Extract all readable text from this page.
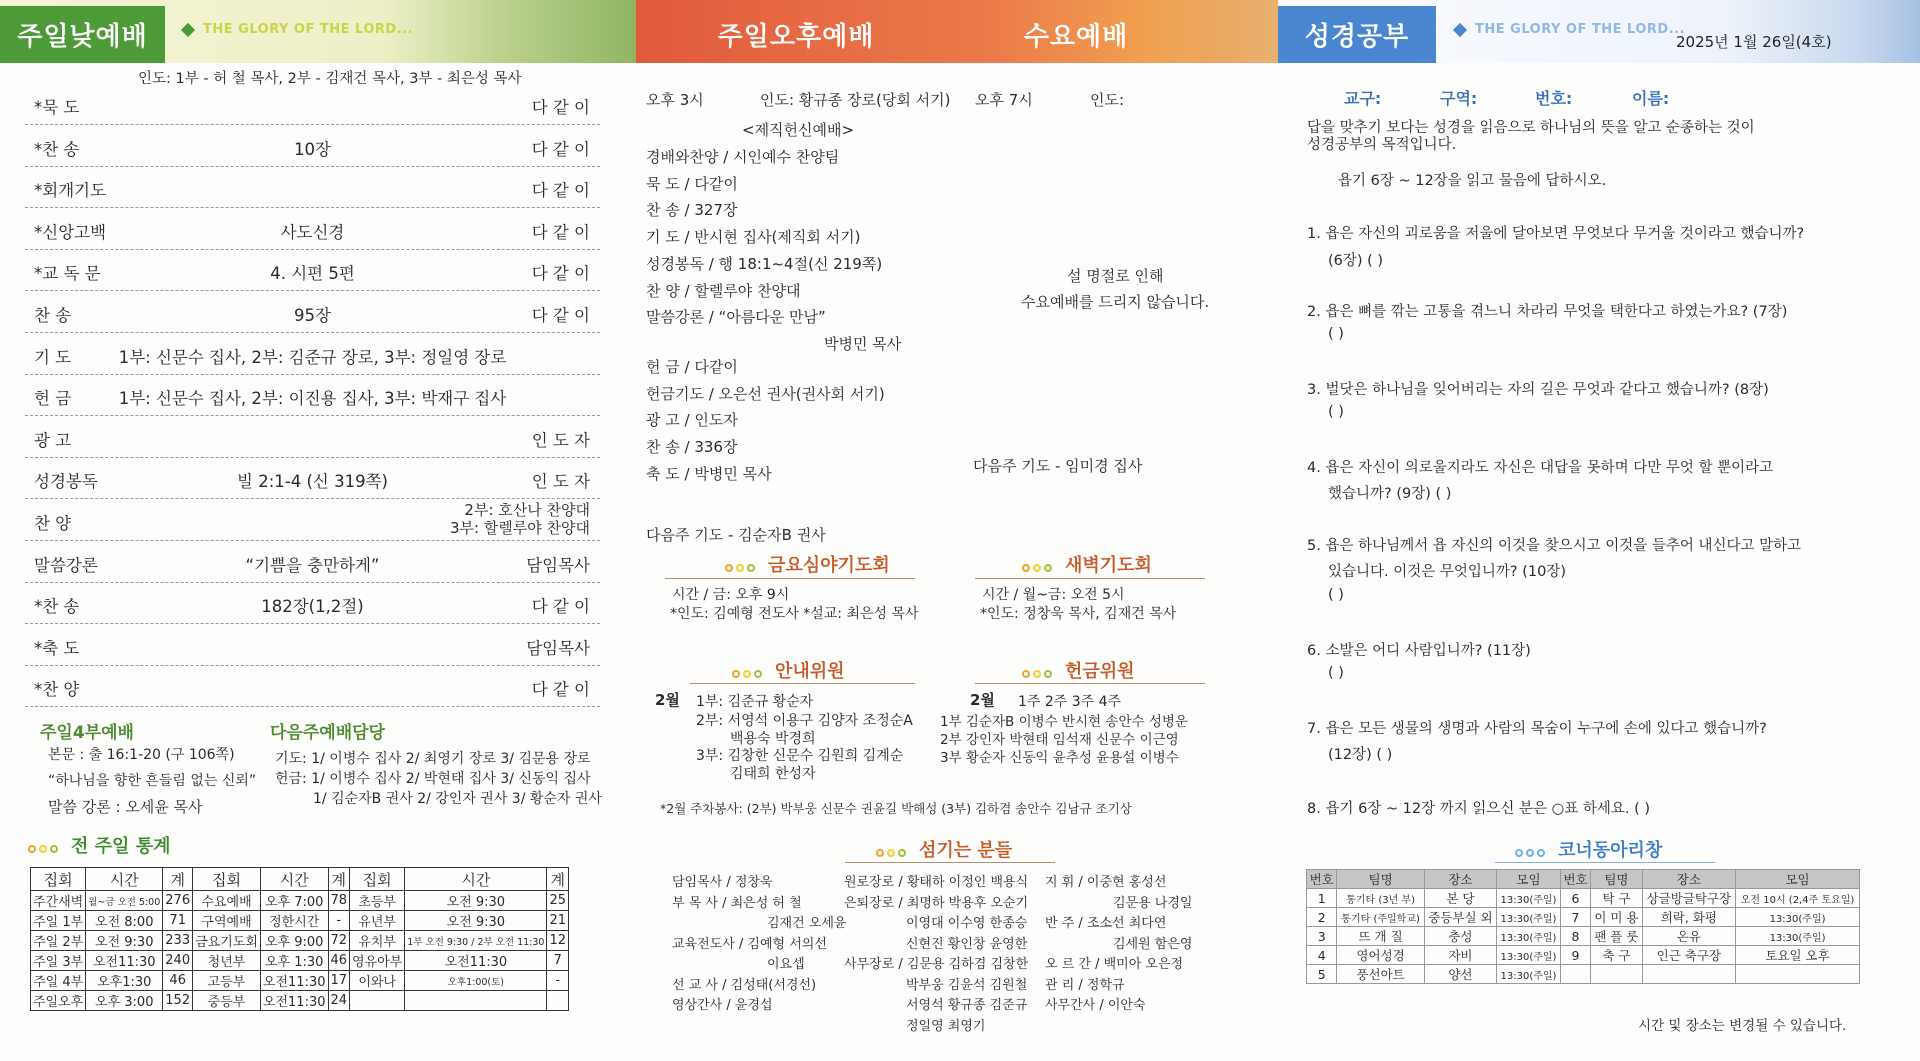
주일낮예배	THE GLORY OF THE LORD...	주일오후예배	수요예배	성경공부	THE GLORY OF THE LORD...
2025년 1월 26일(4호)
인도: 1부 - 허 철 목사, 2부 - 김재건 목사, 3부 - 최은성 목사
*묵 도	다 같 이
*찬 송	10장	다 같 이
*회개기도	다 같 이
*신앙고백	사도신경	다 같 이
*교 독 문	4. 시편 5편	다 같 이
찬 송	95장	다 같 이
기 도	1부: 신문수 집사, 2부: 김준규 장로, 3부: 정일영 장로
헌 금	1부: 신문수 집사, 2부: 이진용 집사, 3부: 박재구 집사
광 고	인 도 자
성경봉독	빌 2:1-4 (신 319쪽)	인 도 자
찬 양
2부: 호산나 찬양대
3부: 할렐루야 찬양대
말씀강론	“기쁨을 충만하게”	담임목사
*찬 송	182장(1,2절)	다 같 이
*축 도	담임목사
*찬 양	다 같 이
주일4부예배
본문 : 출 16:1-20 (구 106쪽)
“하나님을 향한 흔들림 없는 신뢰”
말씀 강론 : 오세윤 목사
다음주예배담당
기도: 1/ 이병수 집사 2/ 최영기 장로 3/ 김문용 장로
헌금: 1/ 이병수 집사 2/ 박현태 집사 3/ 신동익 집사
1/ 김순자B 권사 2/ 강인자 권사 3/ 황순자 권사
전 주일 통계
집회	시간	계	집회	시간	계	집회	시간	계
주간새벽	월~금 오전 5:00	276	수요예배	오후 7:00	78	초등부	오전 9:30	25
주일 1부	오전 8:00	71	구역예배	정한시간	-	유년부	오전 9:30	21
주일 2부	오전 9:30	233	금요기도회	오후 9:00	72	유치부	1부 오전 9:30 / 2부 오전 11:30	12
주일 3부	오전11:30	240	청년부	오후 1:30	46	영유아부	오전11:30	7
주일 4부	오후1:30	46	고등부	오전11:30	17	이와나	오후1:00(토)	-
주일오후	오후 3:00	152	중등부	오전11:30	24			
오후 3시	인도: 황규종 장로(당회 서기) 오후 7시	인도:
<제직헌신예배>
경배와찬양 / 시인예수 찬양팀
묵 도 / 다같이
찬 송 / 327장
기 도 / 반시현 집사(제직회 서기)
성경봉독 / 행 18:1~4절(신 219쪽)
찬 양 / 할렐루야 찬양대
말씀강론 / “아름다운 만남”
박병민 목사
헌 금 / 다같이
헌금기도 / 오은선 권사(권사회 서기)
광 고 / 인도자
찬 송 / 336장
축 도 / 박병민 목사
다음주 기도 - 김순자B 권사
설 명절로 인해
수요예배를 드리지 않습니다.
다음주 기도 - 임미경 집사
금요심야기도회
시간 / 금: 오후 9시
*인도: 김예형 전도사 *설교: 최은성 목사
새벽기도회
시간 / 월~금: 오전 5시
*인도: 정창욱 목사, 김재건 목사
안내위원
2월 1부: 김준규 황순자
2부: 서영석 이용구 김양자 조정순A
백용숙 박경희
3부: 김창한 신문수 김원희 김계순
김태희 한성자
헌금위원
2월 1주 2주 3주 4주
1부 김순자B 이병수 반시현 송안수 성병운
2부 강인자 박현태 임석재 신문수 이근영
3부 황순자 신동익 윤추성 윤용설 이병수
*2월 주차봉사: (2부) 박부웅 신문수 권윤길 박해성 (3부) 김하겸 송안수 김남규 조기상
섬기는 분들
담임목사 / 정창욱
부 목 사 / 최은성 허 철
김재건 오세윤
교육전도사 / 김예형 서의선
이요셉
선 교 사 / 김성태(서경선)
영상간사 / 윤경섭
원로장로 / 황태하 이정인 백용식
은퇴장로 / 최명하 박용후 오순기
이영대 이수영 한종승
신현진 황인창 윤영한
사무장로 / 김문용 김하겸 김창한
박부웅 김윤석 김원철
서영석 황규종 김준규
정일영 최영기
지 휘 / 이중현 홍성선
김문용 나경일
반 주 / 조소선 최다연
김세원 함은영
오 르 간 / 백미아 오은정
관 리 / 정학규
사무간사 / 이안숙
교구:	구역:	번호:	이름:
답을 맞추기 보다는 성경을 읽음으로 하나님의 뜻을 알고 순종하는 것이
성경공부의 목적입니다.
욥기 6장 ~ 12장을 읽고 물음에 답하시오.
1. 욥은 자신의 괴로움을 저울에 달아보면 무엇보다 무거울 것이라고 했습니까?
(6장) ( )
2. 욥은 뼈를 깎는 고통을 겪느니 차라리 무엇을 택한다고 하였는가요? (7장)
( )
3. 벌닷은 하나님을 잊어버리는 자의 길은 무엇과 같다고 했습니까? (8장)
( )
4. 욥은 자신이 의로울지라도 자신은 대답을 못하며 다만 무엇 할 뿐이라고
했습니까? (9장) ( )
5. 욥은 하나님께서 욥 자신의 이것을 찾으시고 이것을 들추어 내신다고 말하고
있습니다. 이것은 무엇입니까? (10장)
( )
6. 소발은 어디 사람입니까? (11장)
( )
7. 욥은 모든 생물의 생명과 사람의 목숨이 누구에 손에 있다고 했습니까?
(12장) ( )
8. 욥기 6장 ~ 12장 까지 읽으신 분은 ○표 하세요. ( )
코너동아리창
번호	팀명	장소	모임	번호	팀명	장소	모임
1	통기타 (3년 부)	본 당	13:30(주일)	6	탁 구	상글방글탁구장	오전 10시 (2,4주 토요일)
2	통기타 (주일학교)	중등부실 외	13:30(주일)	7	이 미 용	희락, 화평	13:30(주일)
3	뜨 개 질	충성	13:30(주일)	8	팬 플 룻	온유	13:30(주일)
4	영어성경	자비	13:30(주일)	9	축 구	인근 축구장	토요일 오후
5	풍선아트	양선	13:30(주일)				
시간 및 장소는 변경될 수 있습니다.
